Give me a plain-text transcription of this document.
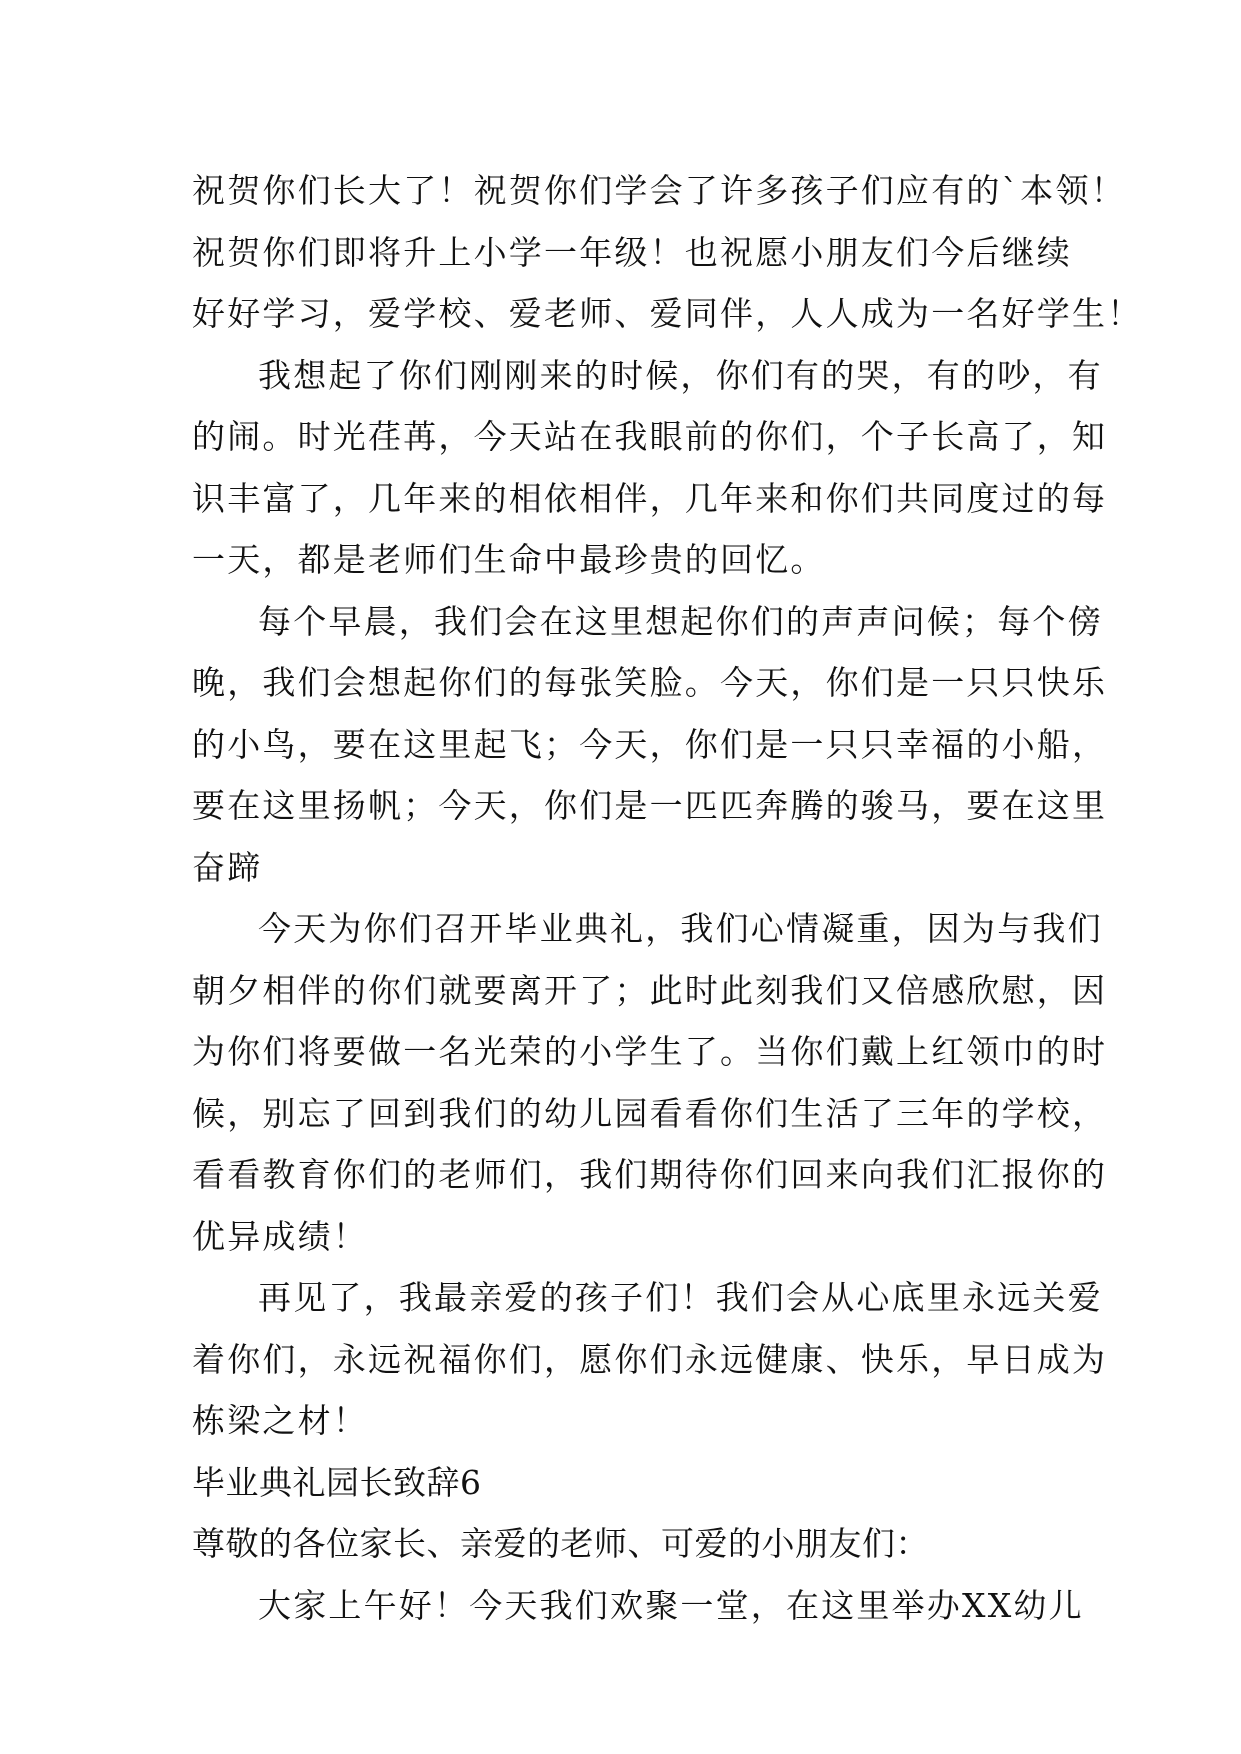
祝贺你们长大了！祝贺你们学会了许多孩子们应有的`本领！
祝贺你们即将升上小学一年级！也祝愿小朋友们今后继续
好好学习，爱学校、爱老师、爱同伴，人人成为一名好学生！
我想起了你们刚刚来的时候，你们有的哭，有的吵，有
的闹。时光荏苒，今天站在我眼前的你们，个子长高了，知
识丰富了，几年来的相依相伴，几年来和你们共同度过的每
一天，都是老师们生命中最珍贵的回忆。
每个早晨，我们会在这里想起你们的声声问候；每个傍
晚，我们会想起你们的每张笑脸。今天，你们是一只只快乐
的小鸟，要在这里起飞；今天，你们是一只只幸福的小船，
要在这里扬帆；今天，你们是一匹匹奔腾的骏马，要在这里
奋蹄
今天为你们召开毕业典礼，我们心情凝重，因为与我们
朝夕相伴的你们就要离开了；此时此刻我们又倍感欣慰，因
为你们将要做一名光荣的小学生了。当你们戴上红领巾的时
候，别忘了回到我们的幼儿园看看你们生活了三年的学校，
看看教育你们的老师们，我们期待你们回来向我们汇报你的
优异成绩！
再见了，我最亲爱的孩子们！我们会从心底里永远关爱
着你们，永远祝福你们，愿你们永远健康、快乐，早日成为
栋梁之材！
毕业典礼园长致辞6
尊敬的各位家长、亲爱的老师、可爱的小朋友们：
大家上午好！今天我们欢聚一堂，在这里举办XX幼儿
